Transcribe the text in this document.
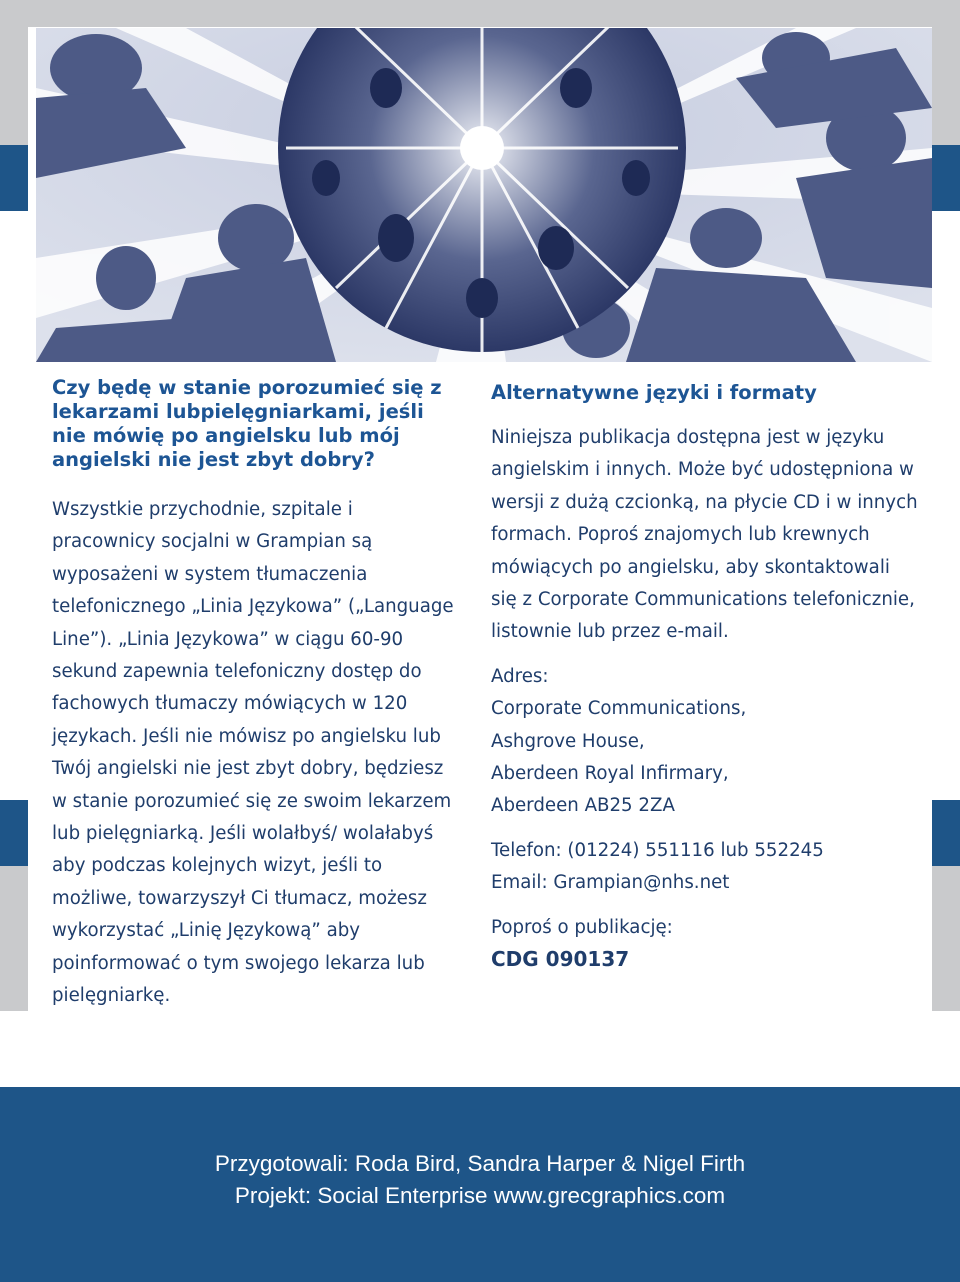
Czy będę w stanie porozumieć się z lekarzami lubpielęgniarkami, jeśli nie mówię po angielsku lub mój angielski nie jest zbyt dobry?

Wszystkie przychodnie, szpitale i pracownicy socjalni w Grampian są wyposażeni w system tłumaczenia telefonicznego „Linia Językowa” („Language Line”). „Linia Językowa” w ciągu 60-90 sekund zapewnia telefoniczny dostęp do fachowych tłumaczy mówiących w 120 językach. Jeśli nie mówisz po angielsku lub Twój angielski nie jest zbyt dobry, będziesz w stanie porozumieć się ze swoim lekarzem lub pielęgniarką. Jeśli wolałbyś/ wolałabyś aby podczas kolejnych wizyt, jeśli to możliwe, towarzyszył Ci tłumacz, możesz wykorzystać „Linię Językową” aby poinformować o tym swojego lekarza lub pielęgniarkę.

Alternatywne języki i formaty

Niniejsza publikacja dostępna jest w języku angielskim i innych. Może być udostępniona w wersji z dużą czcionką, na płycie CD i w innych formach. Poproś znajomych lub krewnych mówiących po angielsku, aby skontaktowali się z Corporate Communications telefonicznie, listownie lub przez e-mail.

Adres:

Corporate Communications,

Ashgrove House,

Aberdeen Royal Infirmary,

Aberdeen AB25 2ZA

Telefon: (01224) 551116 lub 552245

Email: Grampian@nhs.net

Poproś o publikację:

CDG 090137

Przygotowali: Roda Bird, Sandra Harper & Nigel Firth
Projekt: Social Enterprise www.grecgraphics.com
